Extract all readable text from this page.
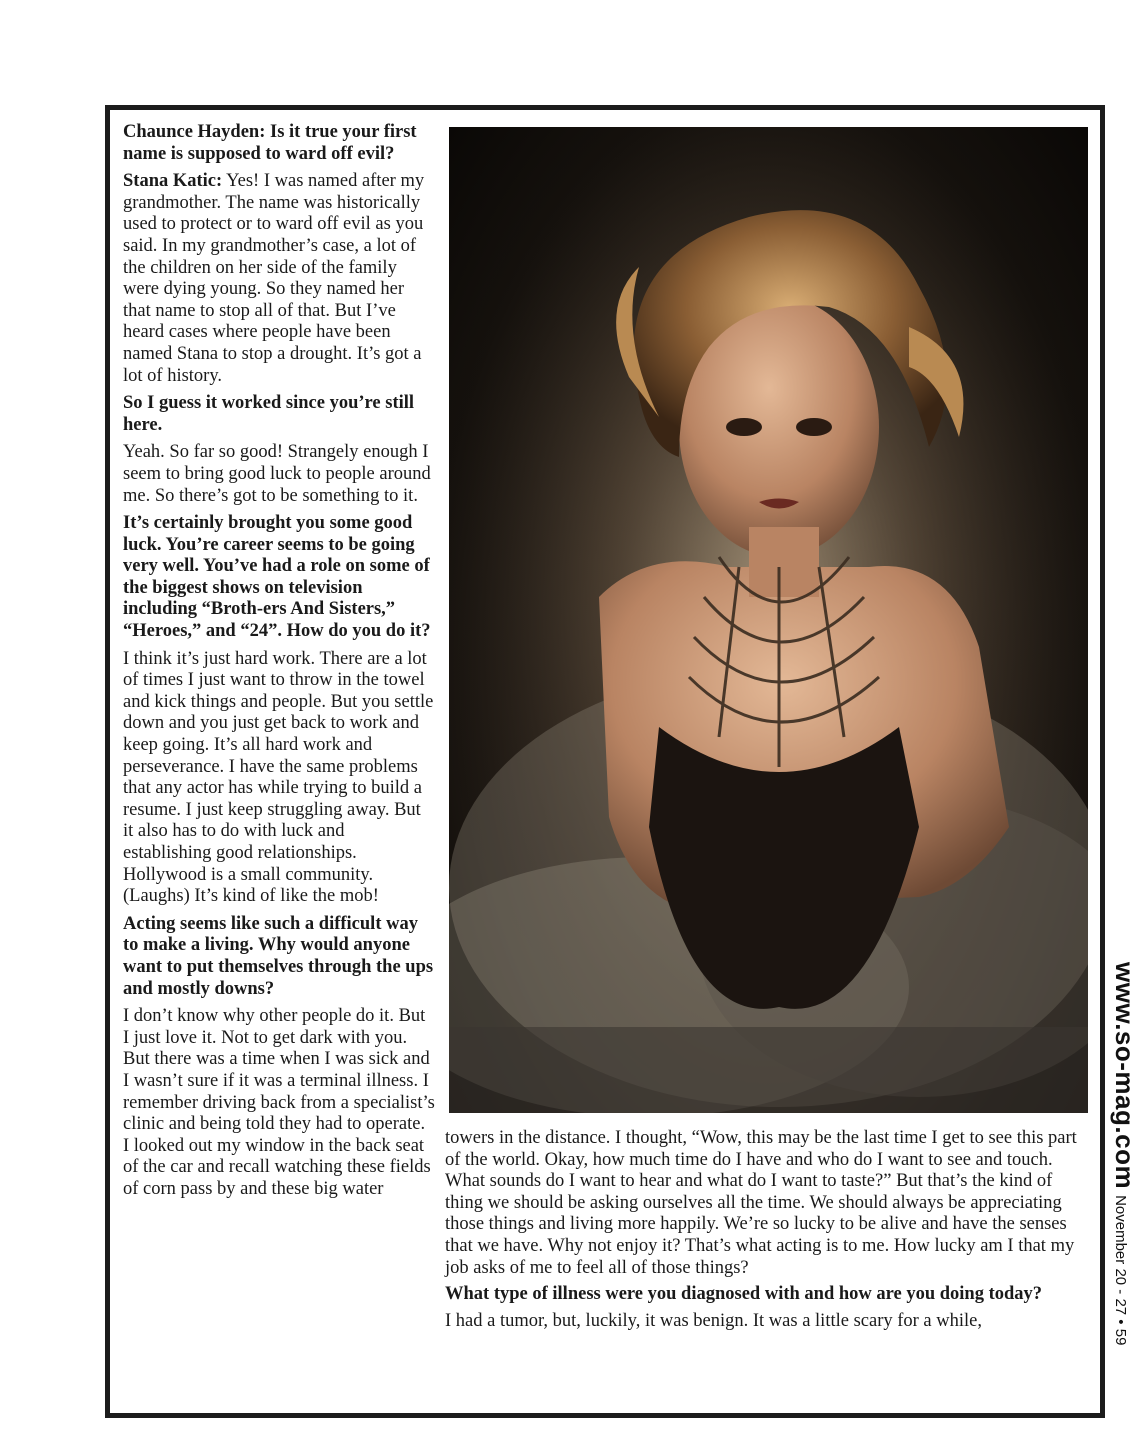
Chaunce Hayden: Is it true your first name is supposed to ward off evil?

Stana Katic: Yes! I was named after my grandmother. The name was historically used to protect or to ward off evil as you said. In my grandmother’s case, a lot of the children on her side of the family were dying young. So they named her that name to stop all of that. But I’ve heard cases where people have been named Stana to stop a drought. It’s got a lot of history.

So I guess it worked since you’re still here.

Yeah. So far so good! Strangely enough I seem to bring good luck to people around me. So there’s got to be something to it.

It’s certainly brought you some good luck. You’re career seems to be going very well. You’ve had a role on some of the biggest shows on television including “Broth-ers And Sisters,” “Heroes,” and “24”. How do you do it?

I think it’s just hard work. There are a lot of times I just want to throw in the towel and kick things and people. But you settle down and you just get back to work and keep going. It’s all hard work and perseverance. I have the same problems that any actor has while trying to build a resume. I just keep struggling away. But it also has to do with luck and establishing good relationships. Hollywood is a small community. (Laughs) It’s kind of like the mob!

Acting seems like such a difficult way to make a living. Why would anyone want to put themselves through the ups and mostly downs?

I don’t know why other people do it. But I just love it. Not to get dark with you. But there was a time when I was sick and I wasn’t sure if it was a terminal illness. I remember driving back from a specialist’s clinic and being told they had to operate. I looked out my window in the back seat of the car and recall watching these fields of corn pass by and these big water

towers in the distance. I thought, “Wow, this may be the last time I get to see this part of the world. Okay, how much time do I have and who do I want to see and touch. What sounds do I want to hear and what do I want to taste?” But that’s the kind of thing we should be asking ourselves all the time. We should always be appreciating those things and living more happily. We’re so lucky to be alive and have the senses that we have. Why not enjoy it? That’s what acting is to me. How lucky am I that my job asks of me to feel all of those things?

What type of illness were you diagnosed with and how are you doing today?

I had a tumor, but, luckily, it was benign. It was a little scary for a while,

www.so-mag.comNovember 20 - 27 • 59
